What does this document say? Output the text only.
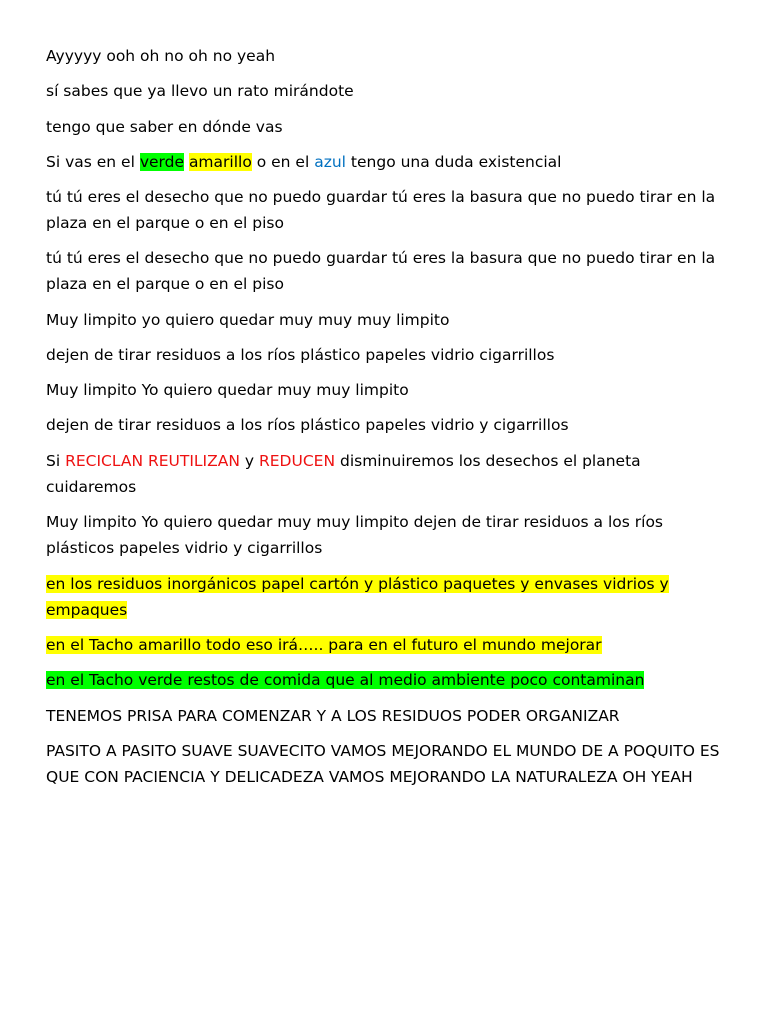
Ayyyyy ooh oh no oh no yeah

sí sabes que ya llevo un rato mirándote

tengo que saber en dónde vas

Si vas en el verde amarillo o en el azul tengo una duda existencial

tú tú eres el desecho que no puedo guardar tú eres la basura que no puedo tirar en la plaza en el parque o en el piso

tú tú eres el desecho que no puedo guardar tú eres la basura que no puedo tirar en la plaza en el parque o en el piso

Muy limpito yo quiero quedar muy muy muy limpito

dejen de tirar residuos a los ríos plástico papeles vidrio cigarrillos

Muy limpito Yo quiero quedar muy muy limpito

dejen de tirar residuos a los ríos plástico papeles vidrio y cigarrillos

Si RECICLAN REUTILIZAN y REDUCEN disminuiremos los desechos el planeta cuidaremos

Muy limpito Yo quiero quedar muy muy limpito dejen de tirar residuos a los ríos plásticos papeles vidrio y cigarrillos

en los residuos inorgánicos papel cartón y plástico paquetes y envases vidrios y empaques

en el Tacho amarillo todo eso irá….. para en el futuro el mundo mejorar

en el Tacho verde restos de comida que al medio ambiente poco contaminan

TENEMOS PRISA PARA COMENZAR Y A LOS RESIDUOS PODER ORGANIZAR

PASITO A PASITO SUAVE SUAVECITO VAMOS MEJORANDO EL MUNDO DE A POQUITO ES QUE CON PACIENCIA Y DELICADEZA VAMOS MEJORANDO LA NATURALEZA OH YEAH
